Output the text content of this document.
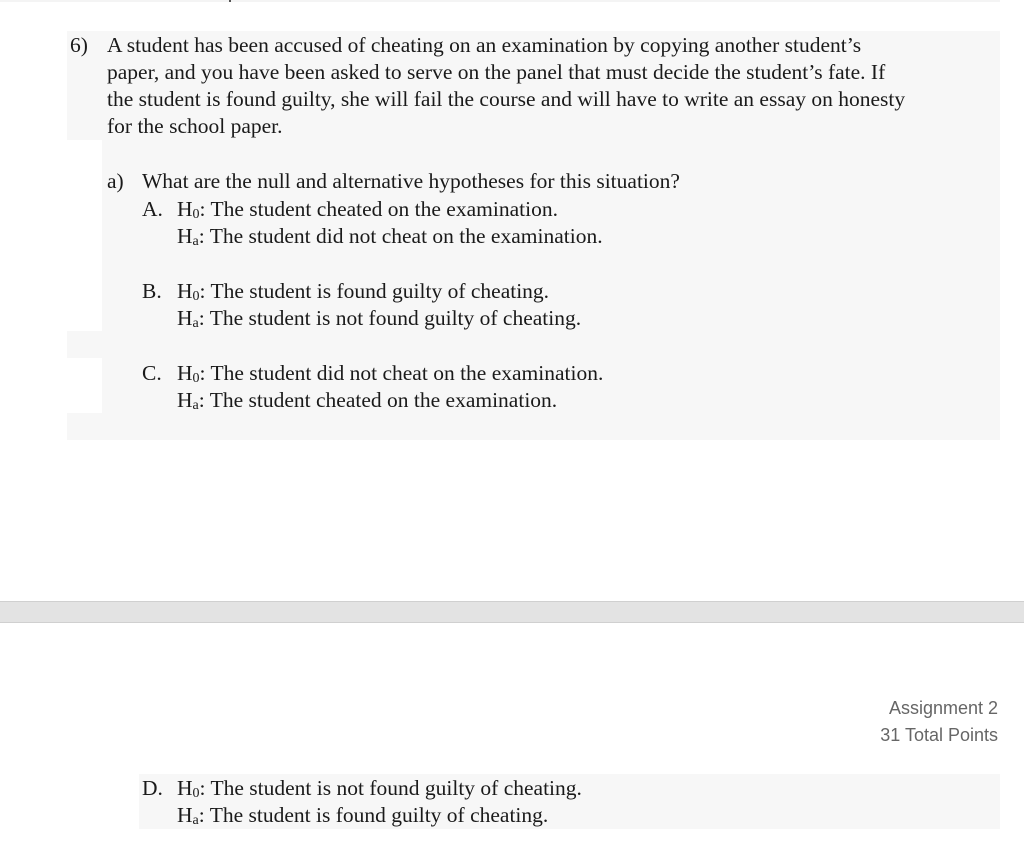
6) A student has been accused of cheating on an examination by copying another student’s
paper, and you have been asked to serve on the panel that must decide the student’s fate. If
the student is found guilty, she will fail the course and will have to write an essay on honesty
for the school paper.
a) What are the null and alternative hypotheses for this situation?
A. H0: The student cheated on the examination.
Ha: The student did not cheat on the examination.
B. H0: The student is found guilty of cheating.
Ha: The student is not found guilty of cheating.
C. H0: The student did not cheat on the examination.
Ha: The student cheated on the examination.
Assignment 2
31 Total Points
D. H0: The student is not found guilty of cheating.
Ha: The student is found guilty of cheating.
